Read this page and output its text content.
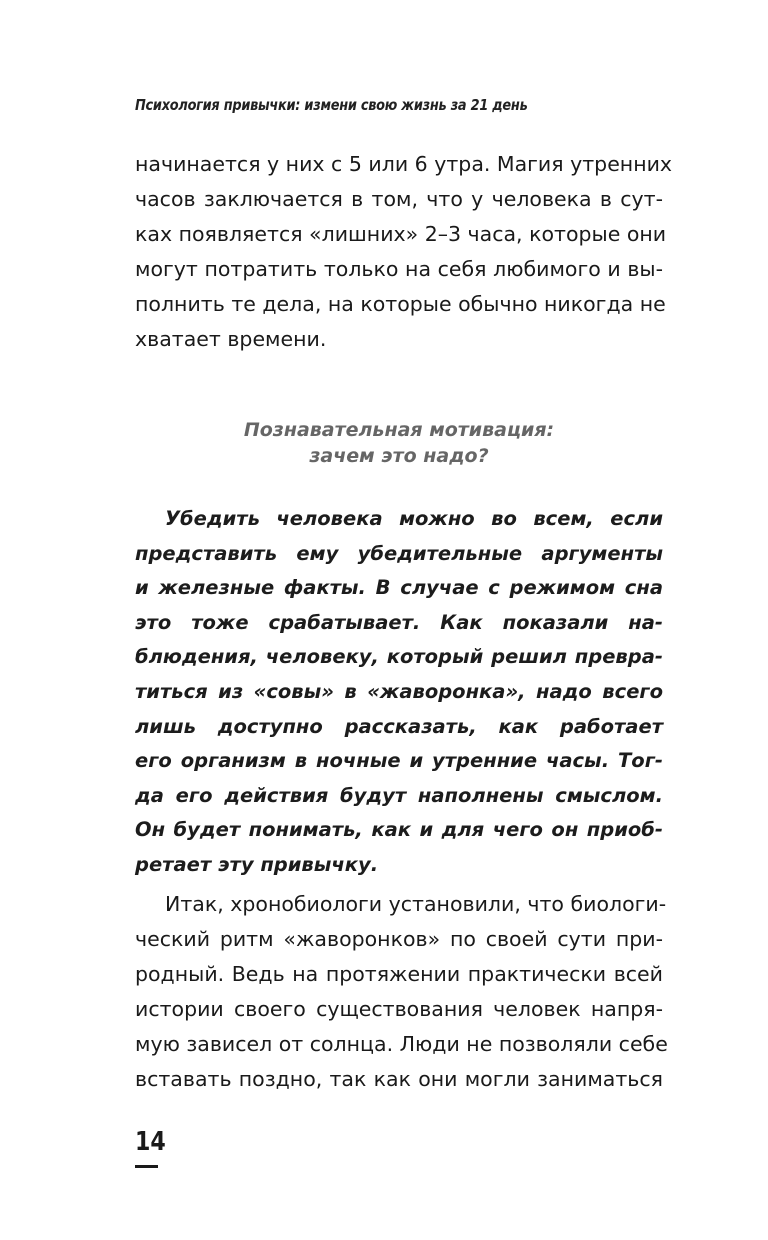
Психология привычки: измени свою жизнь за 21 день

начинается у них с 5 или 6 утра. Магия утренних
часов заключается в том, что у человека в сут-
ках появляется «лишних» 2–3 часа, которые они
могут потратить только на себя любимого и вы-
полнить те дела, на которые обычно никогда не
хватает времени.

Познавательная мотивация:
зачем это надо?

Убедить человека можно во всем, если
представить ему убедительные аргументы
и железные факты. В случае с режимом сна
это тоже срабатывает. Как показали на-
блюдения, человеку, который решил превра-
титься из «совы» в «жаворонка», надо всего
лишь доступно рассказать, как работает
его организм в ночные и утренние часы. Тог-
да его действия будут наполнены смыслом.
Он будет понимать, как и для чего он приоб-
ретает эту привычку.

Итак, хронобиологи установили, что биологи-
ческий ритм «жаворонков» по своей сути при-
родный. Ведь на протяжении практически всей
истории своего существования человек напря-
мую зависел от солнца. Люди не позволяли себе
вставать поздно, так как они могли заниматься

14
